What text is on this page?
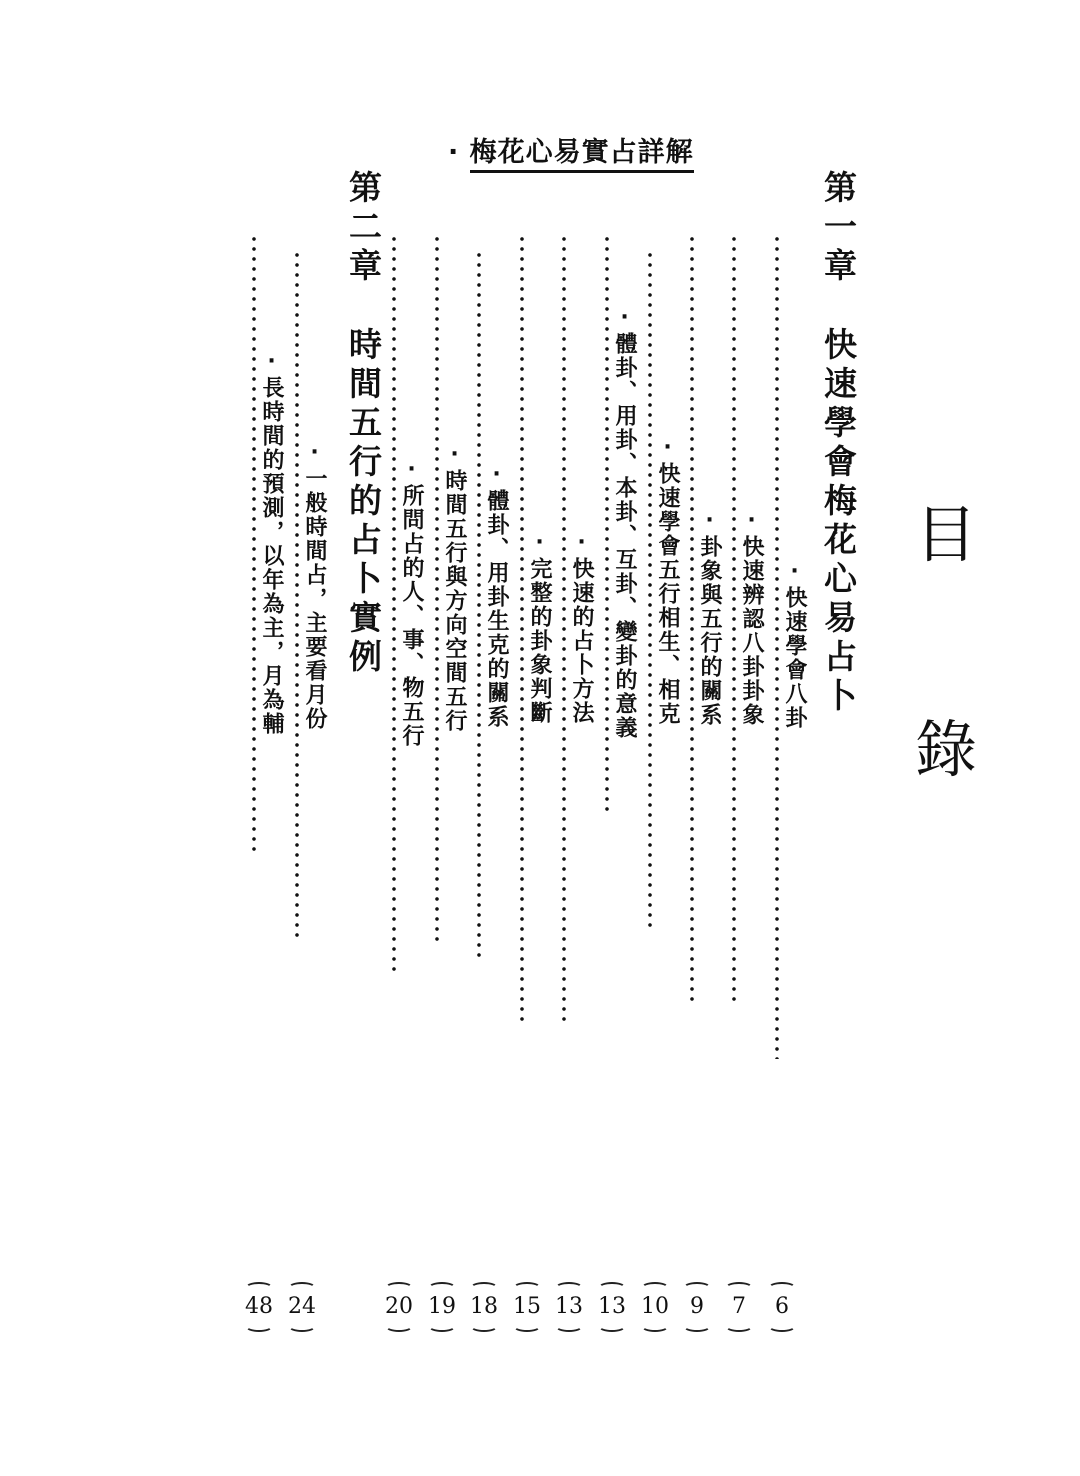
· 梅花心易實占詳解
目
錄
第一章快速學會梅花心易占卜
·快速學會八卦
·快速辨認八卦卦象
·卦象與五行的關系
·快速學會五行相生、相克
·體卦、用卦、本卦、互卦、變卦的意義
·快速的占卜方法
·完整的卦象判斷
·體卦、用卦生克的關系
·時間五行與方向空間五行
·所問占的人、事、物五行
第二章時間五行的占卜實例
·一般時間占，主要看月份
·長時間的預測，以年為主，月為輔
6
7
9
10
13
13
15
18
19
20
24
48
